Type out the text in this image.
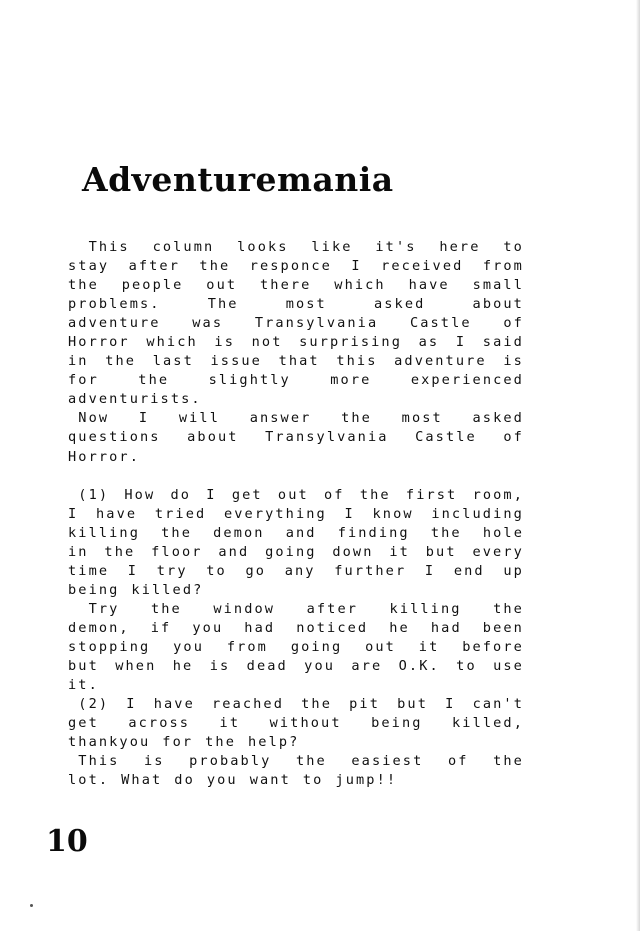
Adventuremania
This column looks like it's here to
stay after the responce I received from
the people out there which have small
problems.	The	most	asked	about
adventure was Transylvania Castle of
Horror which is not surprising as I said
in the last issue that this adventure is
for	the	slightly	more	experienced
adventurists.
Now I will answer the most asked
questions about Transylvania Castle of
Horror.
(1) How do I get out of the first room,
I have tried everything I know including
killing the demon and finding the hole
in the floor and going down it but every
time I try to go any further I end up
being killed?
Try the window after killing the
demon, if you had noticed he had been
stopping you from going out it before
but when he is dead you are O.K. to use
it.
(2) I have reached the pit but I can't
get across it without being killed,
thankyou for the help?
This is probably the easiest of the
lot. What do you want to jump!!
10
